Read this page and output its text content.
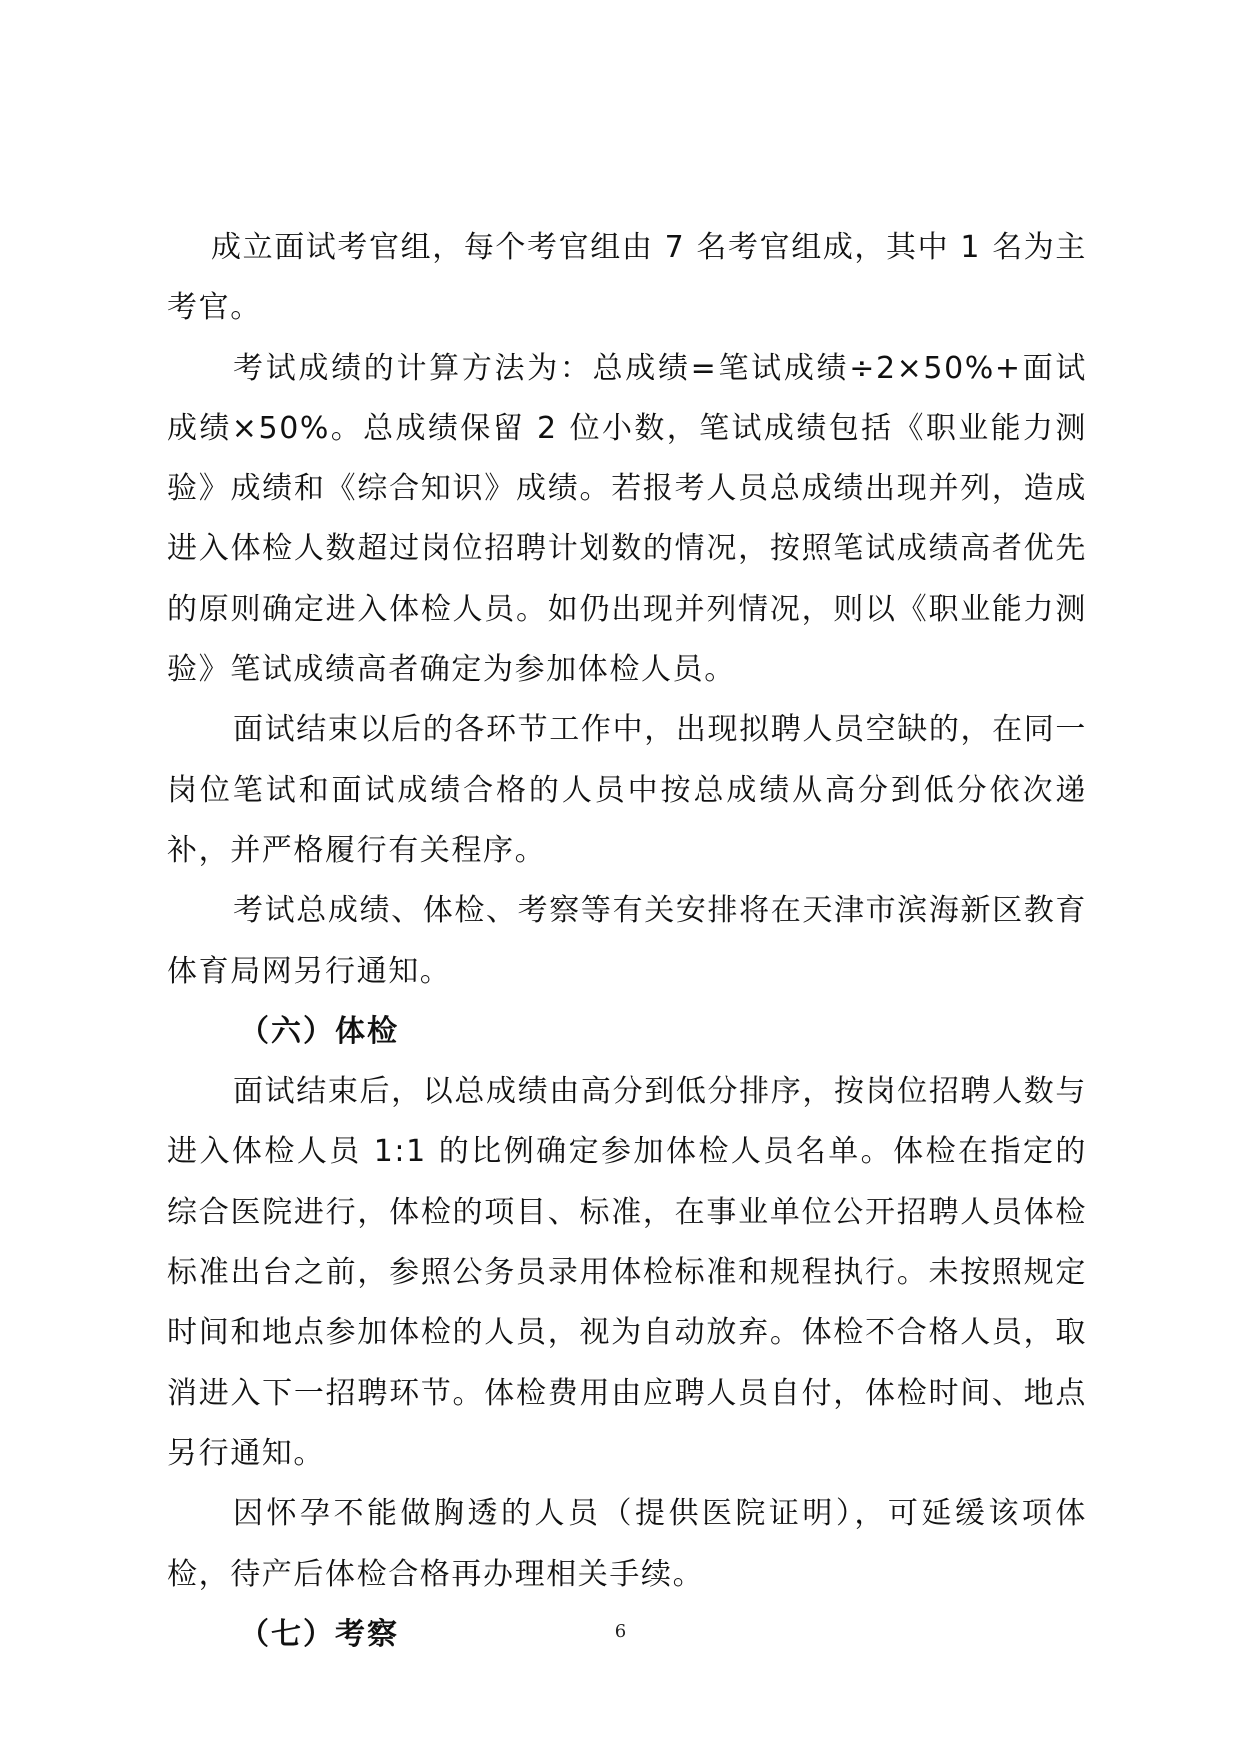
成立面试考官组，每个考官组由 7 名考官组成，其中 1 名为主考官。

考试成绩的计算方法为：总成绩=笔试成绩÷2×50%+面试成绩×50%。总成绩保留 2 位小数，笔试成绩包括《职业能力测验》成绩和《综合知识》成绩。若报考人员总成绩出现并列，造成进入体检人数超过岗位招聘计划数的情况，按照笔试成绩高者优先的原则确定进入体检人员。如仍出现并列情况，则以《职业能力测验》笔试成绩高者确定为参加体检人员。

面试结束以后的各环节工作中，出现拟聘人员空缺的，在同一岗位笔试和面试成绩合格的人员中按总成绩从高分到低分依次递补，并严格履行有关程序。

考试总成绩、体检、考察等有关安排将在天津市滨海新区教育体育局网另行通知。

（六）体检

面试结束后，以总成绩由高分到低分排序，按岗位招聘人数与进入体检人员 1:1 的比例确定参加体检人员名单。体检在指定的综合医院进行，体检的项目、标准，在事业单位公开招聘人员体检标准出台之前，参照公务员录用体检标准和规程执行。未按照规定时间和地点参加体检的人员，视为自动放弃。体检不合格人员，取消进入下一招聘环节。体检费用由应聘人员自付，体检时间、地点另行通知。

因怀孕不能做胸透的人员（提供医院证明），可延缓该项体检，待产后体检合格再办理相关手续。

（七）考察	6
